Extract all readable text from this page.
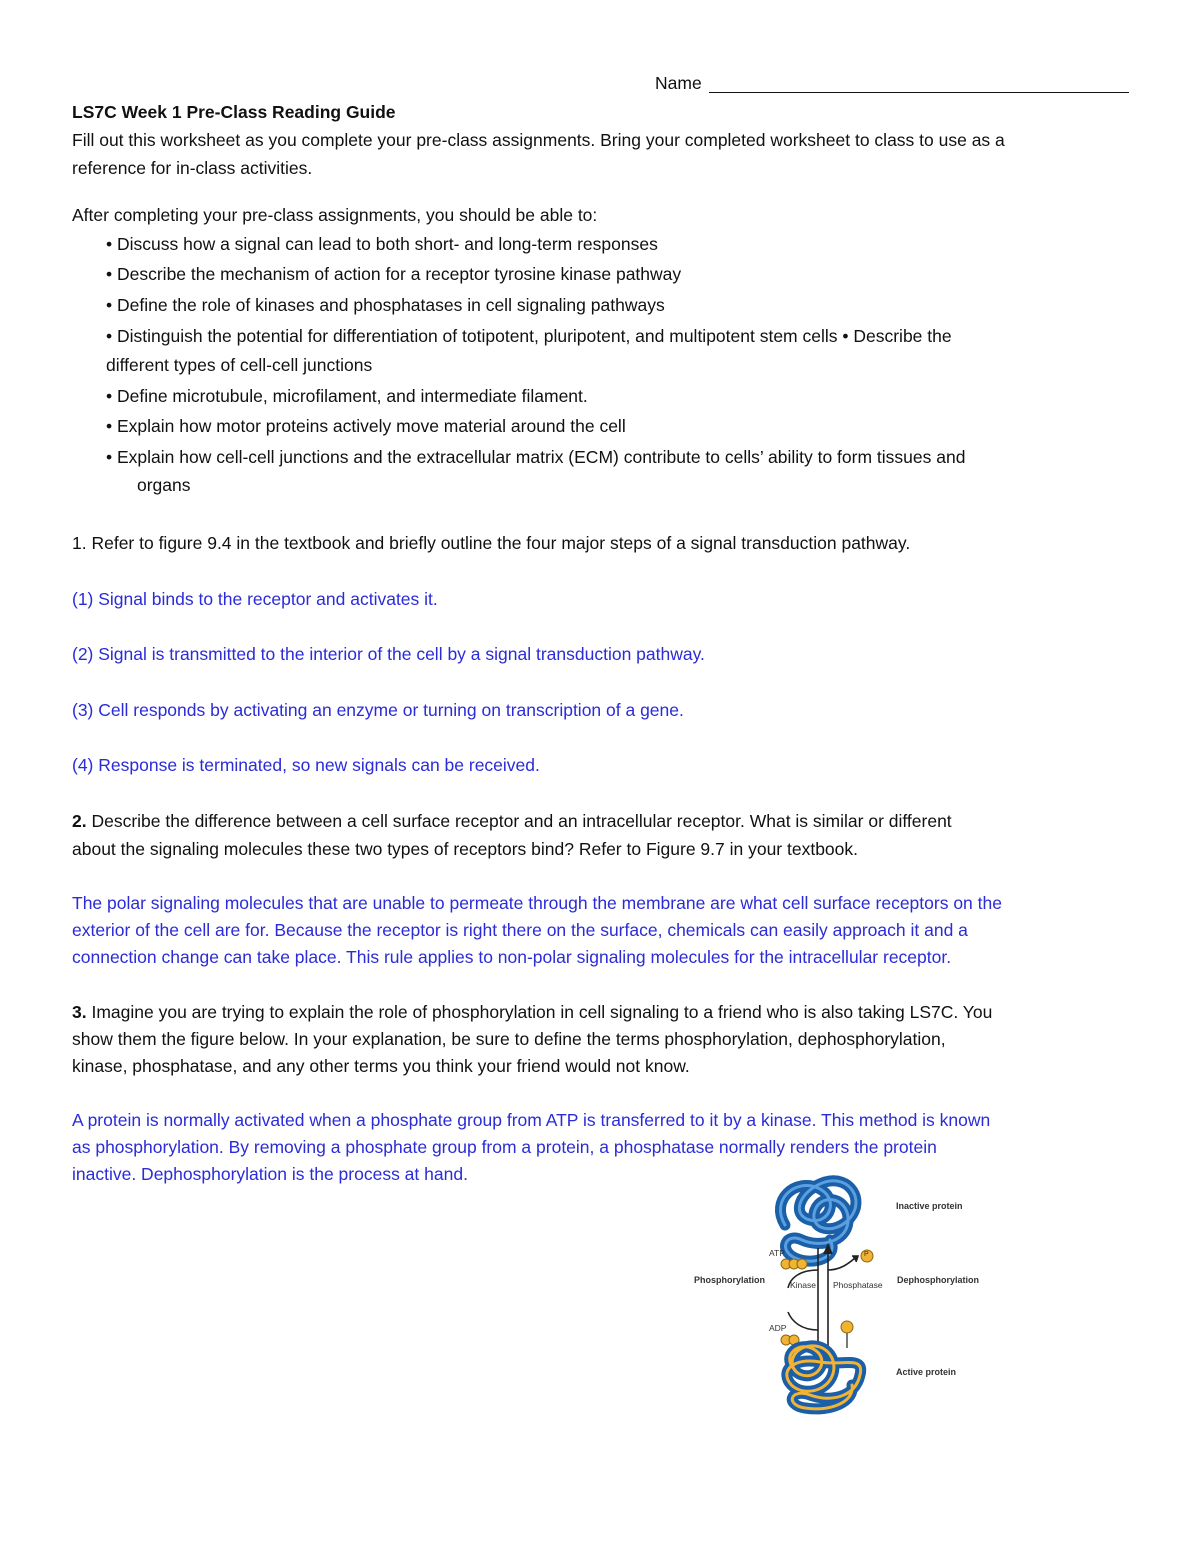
Name
LS7C Week 1 Pre-Class Reading Guide
Fill out this worksheet as you complete your pre-class assignments. Bring your completed worksheet to class to use as a
reference for in-class activities.
After completing your pre-class assignments, you should be able to:
• Discuss how a signal can lead to both short- and long-term responses
• Describe the mechanism of action for a receptor tyrosine kinase pathway
• Define the role of kinases and phosphatases in cell signaling pathways
• Distinguish the potential for differentiation of totipotent, pluripotent, and multipotent stem cells • Describe the
different types of cell-cell junctions
• Define microtubule, microfilament, and intermediate filament.
• Explain how motor proteins actively move material around the cell
• Explain how cell-cell junctions and the extracellular matrix (ECM) contribute to cells’ ability to form tissues and
organs
1. Refer to figure 9.4 in the textbook and briefly outline the four major steps of a signal transduction pathway.
(1) Signal binds to the receptor and activates it.
(2) Signal is transmitted to the interior of the cell by a signal transduction pathway.
(3) Cell responds by activating an enzyme or turning on transcription of a gene.
(4) Response is terminated, so new signals can be received.
2. Describe the difference between a cell surface receptor and an intracellular receptor. What is similar or different
about the signaling molecules these two types of receptors bind? Refer to Figure 9.7 in your textbook.
The polar signaling molecules that are unable to permeate through the membrane are what cell surface receptors on the
exterior of the cell are for. Because the receptor is right there on the surface, chemicals can easily approach it and a
connection change can take place. This rule applies to non-polar signaling molecules for the intracellular receptor.
3. Imagine you are trying to explain the role of phosphorylation in cell signaling to a friend who is also taking LS7C. You
show them the figure below. In your explanation, be sure to define the terms phosphorylation, dephosphorylation,
kinase, phosphatase, and any other terms you think your friend would not know.
A protein is normally activated when a phosphate group from ATP is transferred to it by a kinase. This method is known
as phosphorylation. By removing a phosphate group from a protein, a phosphatase normally renders the protein
inactive. Dephosphorylation is the process at hand.
Inactive protein
Active protein
Phosphorylation	Dephosphorylation
Kinase Phosphatase
ATP
ADP
P
